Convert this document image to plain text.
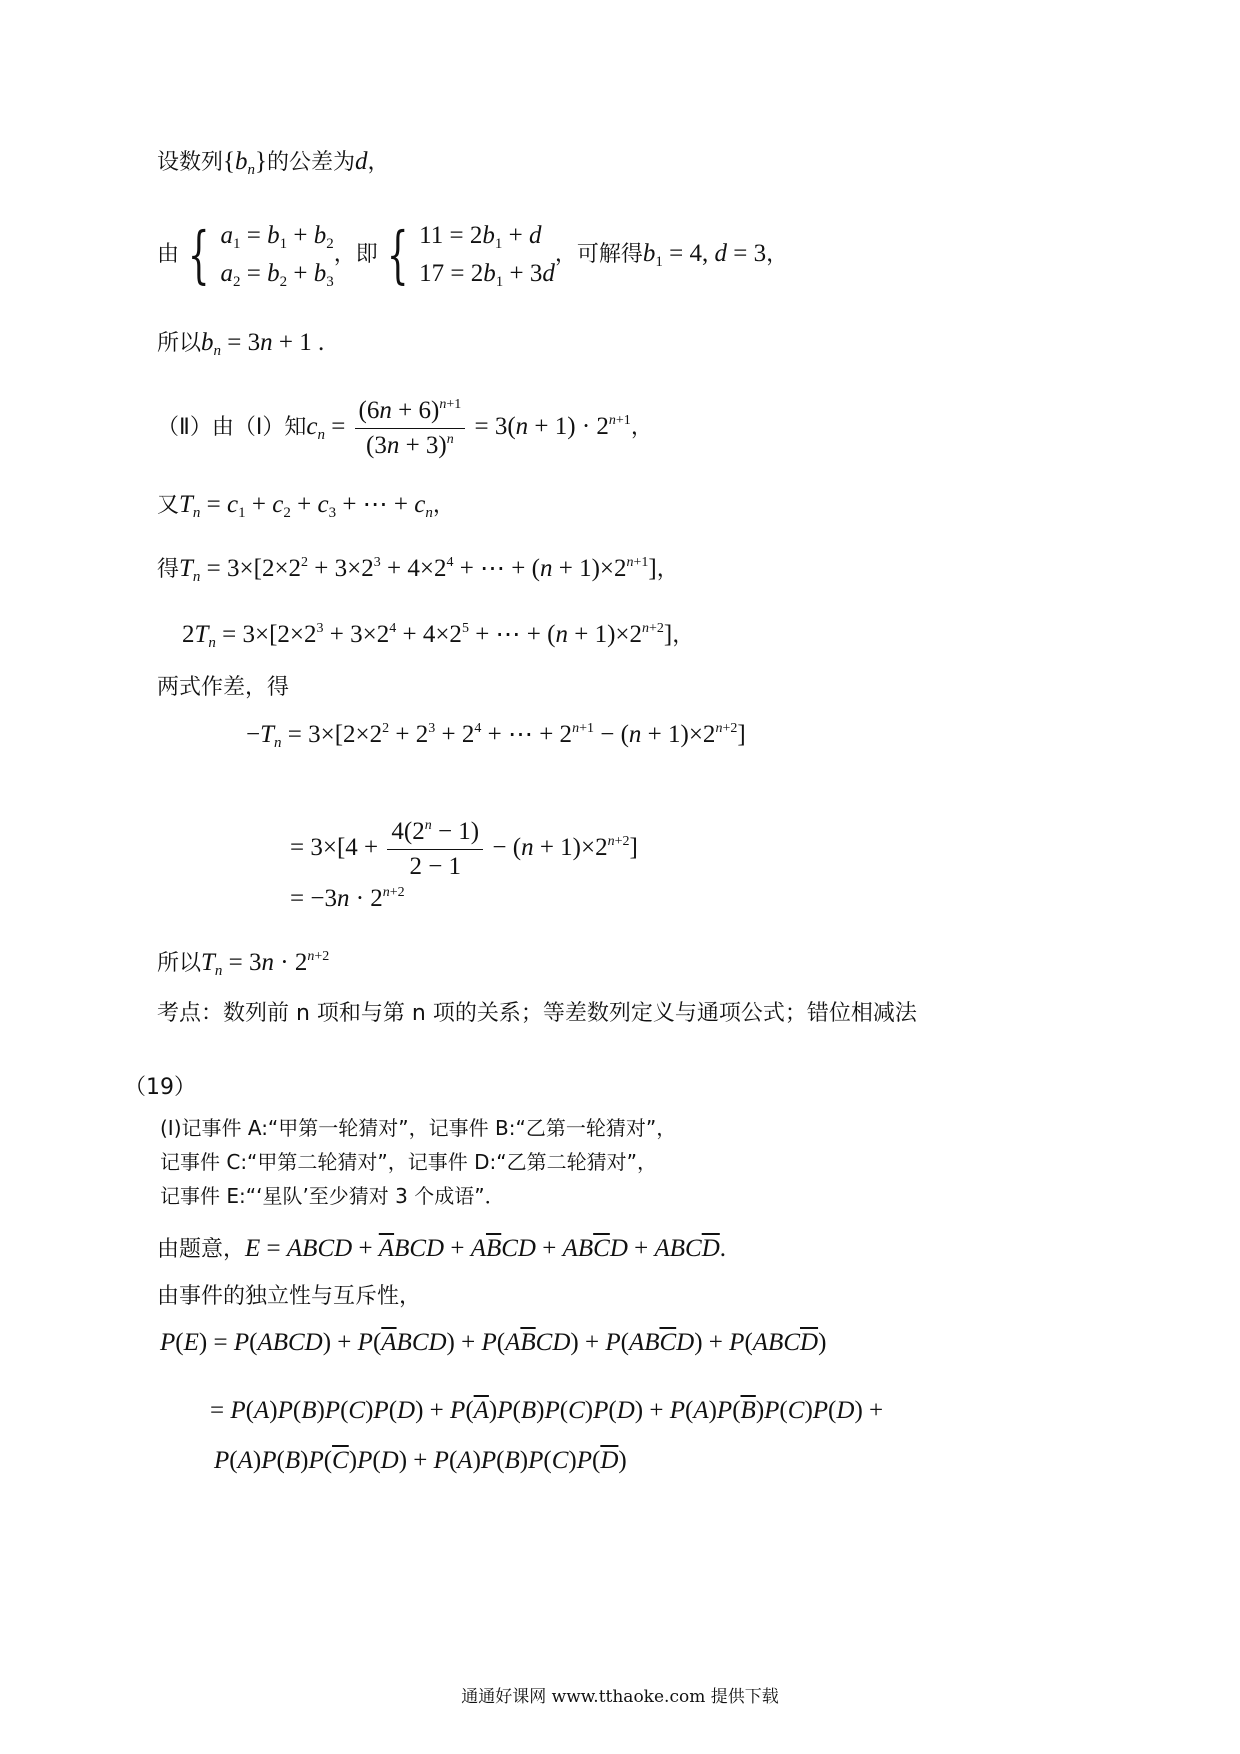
设数列$\{b_n\}$的公差为d，
由 { $a_1 = b_1 + b_2$
$a_2 = b_2 + b_3$
，即 { $11 = 2b_1 + d$
$17 = 2b_1 + 3d$
，可解得$b_1 = 4$, d = 3，
所以$b_n = 3n + 1$ .
（Ⅱ）由（Ⅰ）知$c_n = \frac{(6n + 6)^{n+1}}{(3n + 3)^n} = 3(n + 1) \cdot 2^{n+1}$，
又$T_n = c_1 + c_2 + c_3$ + ⋯ + $c_n$，
得$T_n = 3\times[2\times 2^2 + 3\times 2^3 + 4\times 2^4$ + ⋯ + $(n + 1)\times 2^{n+1}$]，
$2T_n = 3\times[2\times 2^3 + 3\times 2^4 + 4\times 2^5$ + ⋯ + $(n + 1)\times 2^{n+2}$]，
两式作差，得
$-T_n = 3\times[2\times 2^2 + 2^3 + 2^4$ + ⋯ + $2^{n+1} - (n + 1)\times 2^{n+2}$]
= $3\times[4 + \frac{4(2^n - 1)}{2 - 1} - (n + 1)\times 2^{n+2}]$
= $-3n \cdot 2^{n+2}$
所以$T_n = 3n \cdot 2^{n+2}$
考点：数列前 n 项和与第 n 项的关系；等差数列定义与通项公式；错位相减法
（19）
(Ⅰ)记事件 A:“甲第一轮猜对”，记事件 B:“乙第一轮猜对”，
记事件 C:“甲第二轮猜对”，记事件 D:“乙第二轮猜对”，
记事件 E:“‘星队’至少猜对 3 个成语”．
由题意，E = ABCD + $\overline{A}BCD + A\overline{B}CD + AB\overline{C}D + ABC\overline{D}$.
由事件的独立性与互斥性，
P(E) = P(ABCD) + $P(\overline{A}BCD) + P(A\overline{B}CD) + P(AB\overline{C}D) + P(ABC\overline{D})$
= $P(A)P(B)P(C)P(D) + P(\overline{A})P(B)P(C)P(D) + P(A)P(\overline{B})P(C)P(D)$ +
$P(A)P(B)P(\overline{C})P(D) + P(A)P(B)P(C)P(\overline{D})$
通通好课网 www.tthaoke.com 提供下载
